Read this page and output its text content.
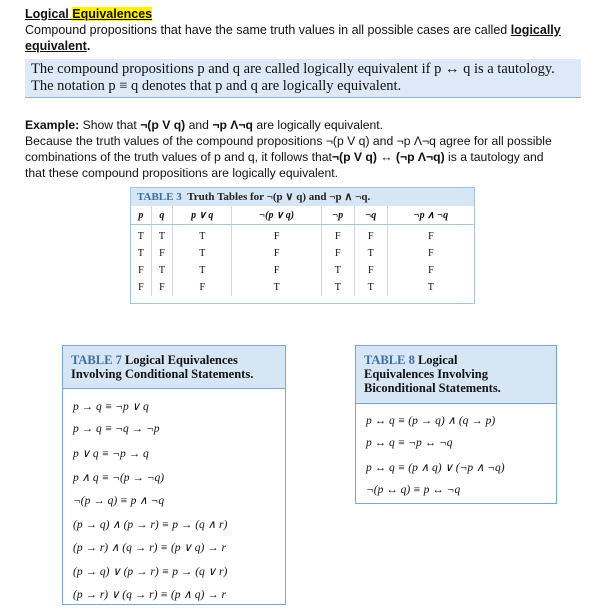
Logical Equivalences
Compound propositions that have the same truth values in all possible cases are called logically equivalent.
The compound propositions p and q are called logically equivalent if p ↔ q is a tautology.
The notation p ≡ q denotes that p and q are logically equivalent.
Example: Show that ¬(p V q) and ¬p Λ¬q are logically equivalent.
Because the truth values of the compound propositions ¬(p V q) and ¬p Λ¬q agree for all possible
combinations of the truth values of p and q, it follows that¬(p V q) ↔ (¬p Λ¬q) is a tautology and
that these compound propositions are logically equivalent.
TABLE 3 Truth Tables for ¬(p ∨ q) and ¬p ∧ ¬q.
p	q	p ∨ q	¬(p ∨ q)	¬p	¬q	¬p ∧ ¬q
T	T	T	F	F	F	F
T	F	T	F	F	T	F
F	T	T	F	T	F	F
F	F	F	T	T	T	T
TABLE 7 Logical Equivalences
Involving Conditional Statements.
p → q ≡ ¬p ∨ q
p → q ≡ ¬q → ¬p
p ∨ q ≡ ¬p → q
p ∧ q ≡ ¬(p → ¬q)
¬(p → q) ≡ p ∧ ¬q
(p → q) ∧ (p → r) ≡ p → (q ∧ r)
(p → r) ∧ (q → r) ≡ (p ∨ q) → r
(p → q) ∨ (p → r) ≡ p → (q ∨ r)
(p → r) ∨ (q → r) ≡ (p ∧ q) → r
TABLE 8 Logical
Equivalences Involving
Biconditional Statements.
p ↔ q ≡ (p → q) ∧ (q → p)
p ↔ q ≡ ¬p ↔ ¬q
p ↔ q ≡ (p ∧ q) ∨ (¬p ∧ ¬q)
¬(p ↔ q) ≡ p ↔ ¬q
